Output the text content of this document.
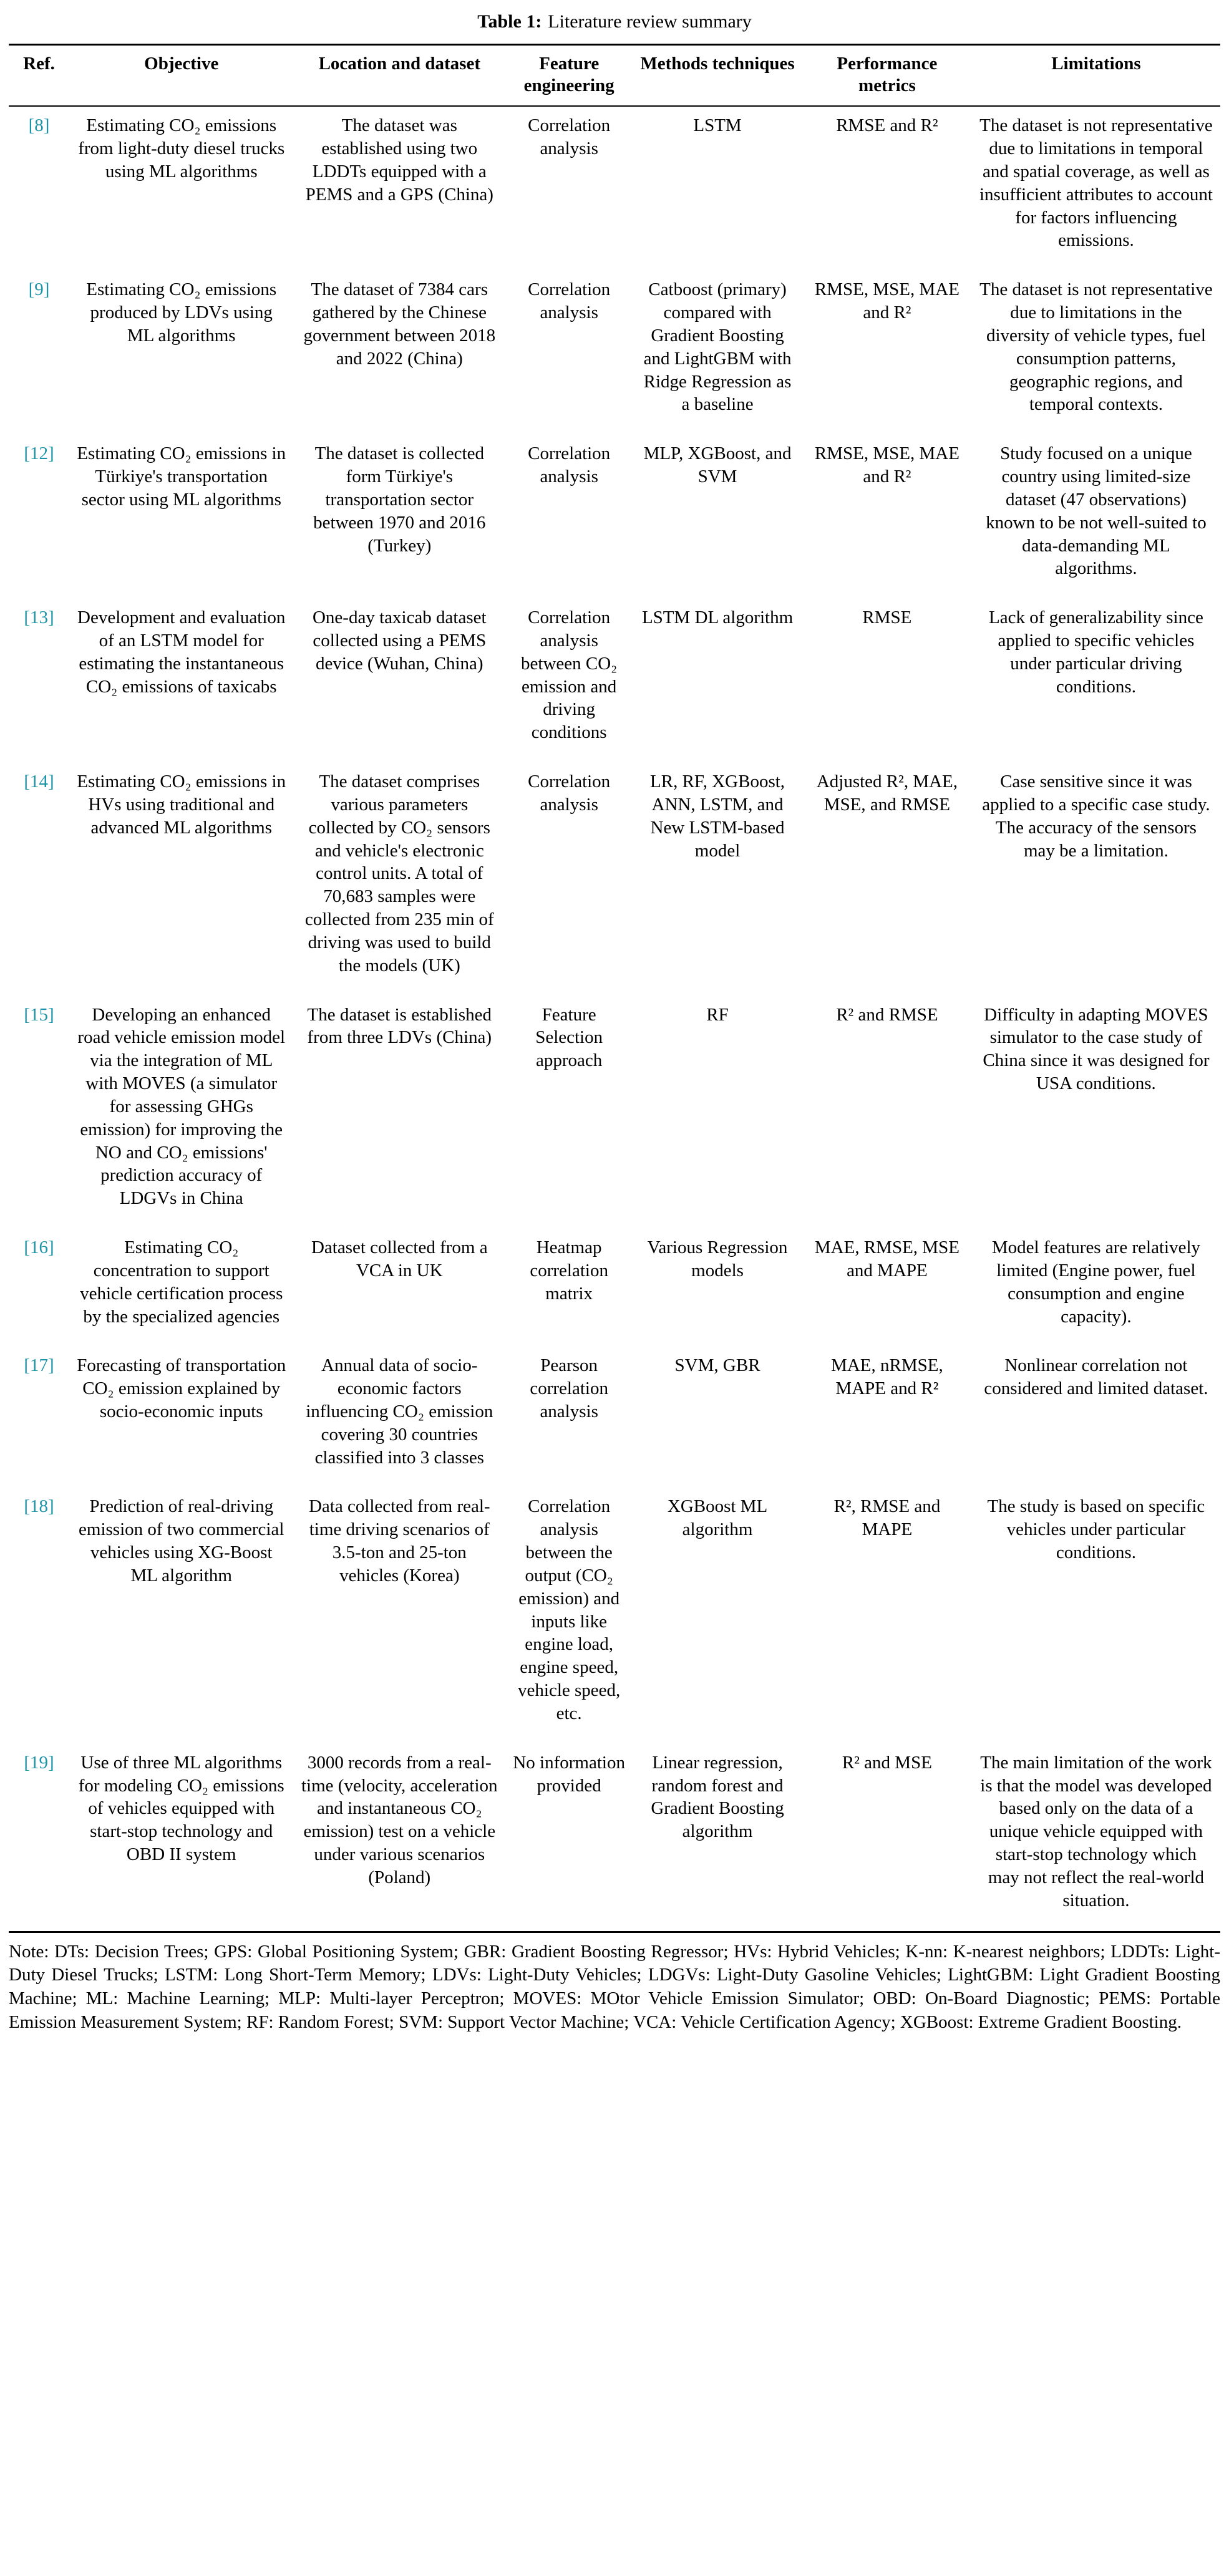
Table 1: Literature review summary
Ref.	Objective	Location and dataset	Feature engineering	Methods techniques	Performance metrics	Limitations
[8]	Estimating CO₂ emissions from light-duty diesel trucks using ML algorithms	The dataset was established using two LDDTs equipped with a PEMS and a GPS (China)	Correlation analysis	LSTM	RMSE and R²	The dataset is not representative due to limitations in temporal and spatial coverage, as well as insufficient attributes to account for factors influencing emissions.
[9]	Estimating CO₂ emissions produced by LDVs using ML algorithms	The dataset of 7384 cars gathered by the Chinese government between 2018 and 2022 (China)	Correlation analysis	Catboost (primary) compared with Gradient Boosting and LightGBM with Ridge Regression as a baseline	RMSE, MSE, MAE and R²	The dataset is not representative due to limitations in the diversity of vehicle types, fuel consumption patterns, geographic regions, and temporal contexts.
[12]	Estimating CO₂ emissions in Türkiye's transportation sector using ML algorithms	The dataset is collected form Türkiye's transportation sector between 1970 and 2016 (Turkey)	Correlation analysis	MLP, XGBoost, and SVM	RMSE, MSE, MAE and R²	Study focused on a unique country using limited-size dataset (47 observations) known to be not well-suited to data-demanding ML algorithms.
[13]	Development and evaluation of an LSTM model for estimating the instantaneous CO₂ emissions of taxicabs	One-day taxicab dataset collected using a PEMS device (Wuhan, China)	Correlation analysis between CO₂ emission and driving conditions	LSTM DL algorithm	RMSE	Lack of generalizability since applied to specific vehicles under particular driving conditions.
[14]	Estimating CO₂ emissions in HVs using traditional and advanced ML algorithms	The dataset comprises various parameters collected by CO₂ sensors and vehicle's electronic control units. A total of 70,683 samples were collected from 235 min of driving was used to build the models (UK)	Correlation analysis	LR, RF, XGBoost, ANN, LSTM, and New LSTM-based model	Adjusted R², MAE, MSE, and RMSE	Case sensitive since it was applied to a specific case study. The accuracy of the sensors may be a limitation.
[15]	Developing an enhanced road vehicle emission model via the integration of ML with MOVES (a simulator for assessing GHGs emission) for improving the NO and CO₂ emissions' prediction accuracy of LDGVs in China	The dataset is established from three LDVs (China)	Feature Selection approach	RF	R² and RMSE	Difficulty in adapting MOVES simulator to the case study of China since it was designed for USA conditions.
[16]	Estimating CO₂ concentration to support vehicle certification process by the specialized agencies	Dataset collected from a VCA in UK	Heatmap correlation matrix	Various Regression models	MAE, RMSE, MSE and MAPE	Model features are relatively limited (Engine power, fuel consumption and engine capacity).
[17]	Forecasting of transportation CO₂ emission explained by socio-economic inputs	Annual data of socio-economic factors influencing CO₂ emission covering 30 countries classified into 3 classes	Pearson correlation analysis	SVM, GBR	MAE, nRMSE, MAPE and R²	Nonlinear correlation not considered and limited dataset.
[18]	Prediction of real-driving emission of two commercial vehicles using XG-Boost ML algorithm	Data collected from real-time driving scenarios of 3.5-ton and 25-ton vehicles (Korea)	Correlation analysis between the output (CO₂ emission) and inputs like engine load, engine speed, vehicle speed, etc.	XGBoost ML algorithm	R², RMSE and MAPE	The study is based on specific vehicles under particular conditions.
[19]	Use of three ML algorithms for modeling CO₂ emissions of vehicles equipped with start-stop technology and OBD II system	3000 records from a real-time (velocity, acceleration and instantaneous CO₂ emission) test on a vehicle under various scenarios (Poland)	No information provided	Linear regression, random forest and Gradient Boosting algorithm	R² and MSE	The main limitation of the work is that the model was developed based only on the data of a unique vehicle equipped with start-stop technology which may not reflect the real-world situation.
Note: DTs: Decision Trees; GPS: Global Positioning System; GBR: Gradient Boosting Regressor; HVs: Hybrid Vehicles; K-nn: K-nearest neighbors; LDDTs: Light-Duty Diesel Trucks; LSTM: Long Short-Term Memory; LDVs: Light-Duty Vehicles; LDGVs: Light-Duty Gasoline Vehicles; LightGBM: Light Gradient Boosting Machine; ML: Machine Learning; MLP: Multi-layer Perceptron; MOVES: MOtor Vehicle Emission Simulator; OBD: On-Board Diagnostic; PEMS: Portable Emission Measurement System; RF: Random Forest; SVM: Support Vector Machine; VCA: Vehicle Certification Agency; XGBoost: Extreme Gradient Boosting.
